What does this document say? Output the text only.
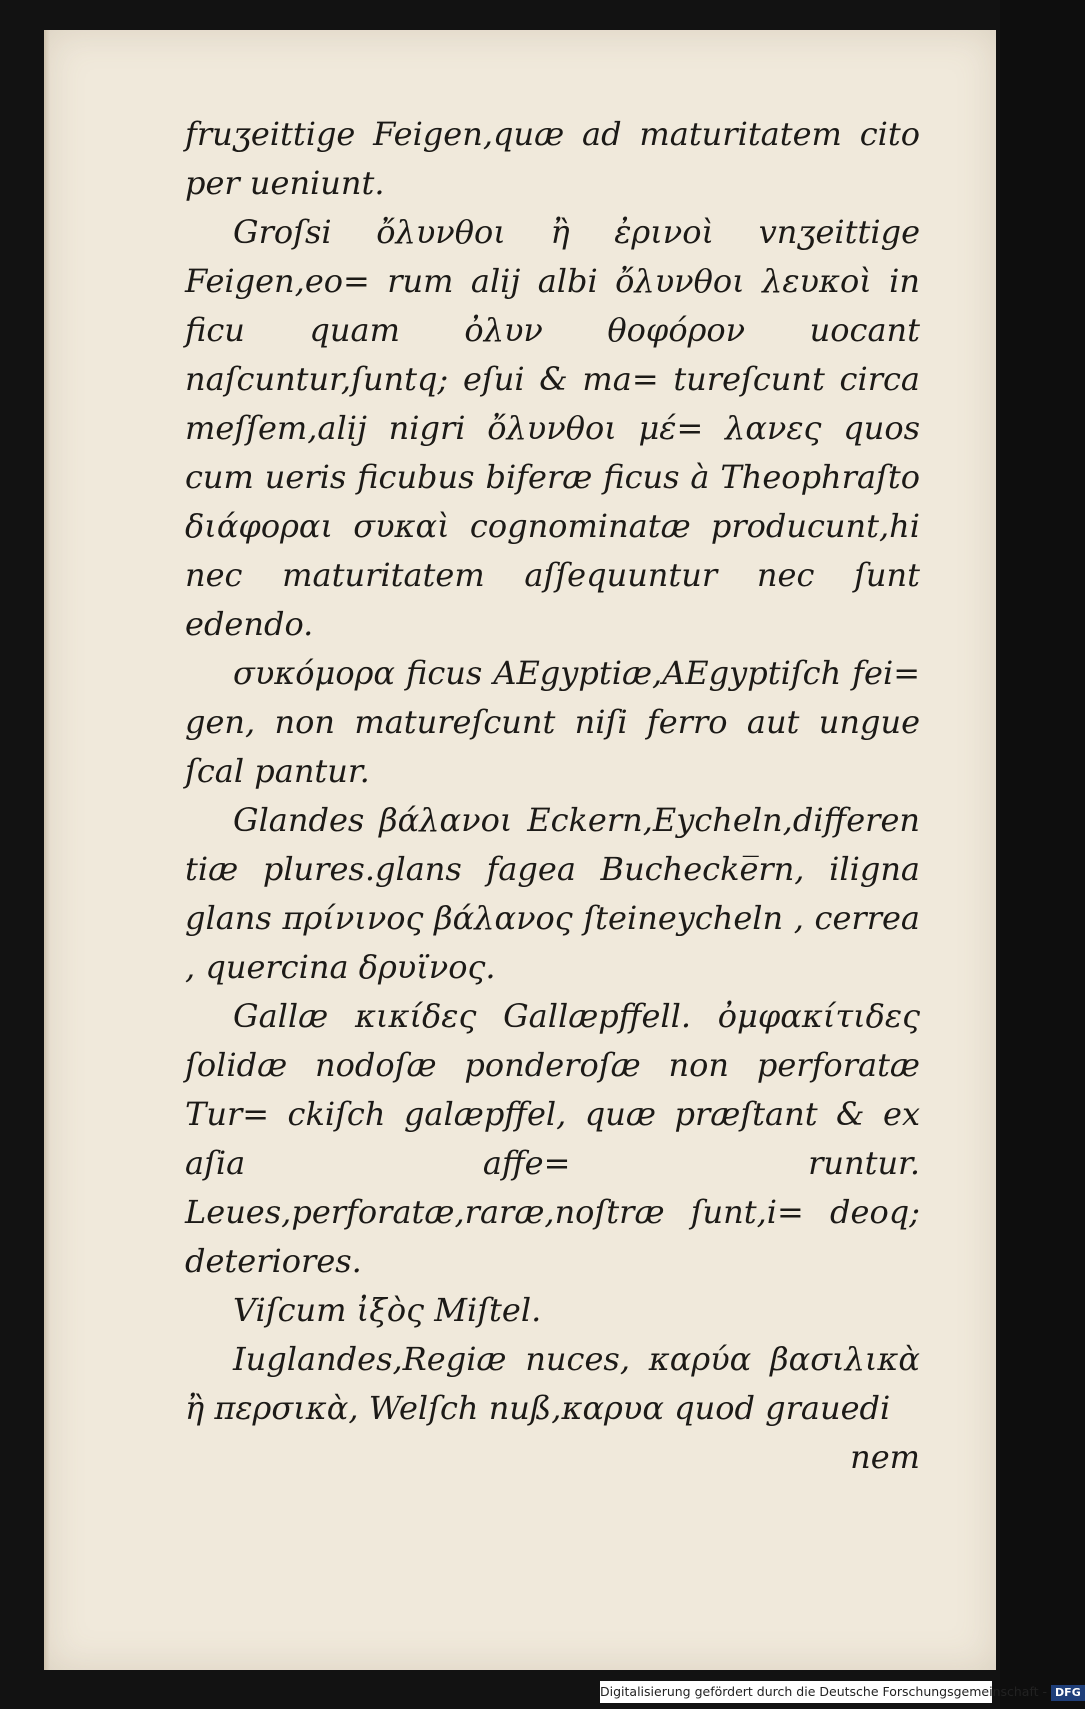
fruʒeittige Feigen,quæ ad maturitatem cito per ueniunt.

Groſsi ὄλυνθοι ἢ ἐρινοὶ vnʒeittige Feigen,eo= rum alij albi ὄλυνθοι λευκοὶ in ficu quam ὀλυν θοφόρον uocant naſcuntur,ſuntq; eſui & ma= tureſcunt circa meſſem,alij nigri ὄλυνθοι μέ= λανες quos cum ueris ficubus biferæ ficus à Theophraſto διάφοραι συκαὶ cognominatæ producunt,hi nec maturitatem aſſequuntur nec ſunt edendo.

συκόμορα ficus AEgyptiæ,AEgyptiſch fei= gen, non matureſcunt niſi ferro aut ungue ſcal pantur.

Glandes βάλανοι Eckern,Eycheln,differen tiæ plures.glans fagea Buchecke̅rn, iligna glans πρίνινος βάλανος ſteineycheln , cerrea , quercina δρυϊνος.

Gallæ κικίδες Gallæpffell. ὀμφακίτιδες ſolidæ nodoſæ ponderoſæ non perforatæ Tur= ckiſch galæpffel, quæ præſtant & ex aſia affe= runtur. Leues,perforatæ,raræ,noſtræ ſunt,i= deoq; deteriores.

Viſcum ἰξὸς Miſtel.

Iuglandes,Regiæ nuces, καρύα βασιλικὰ ἢ περσικὰ, Welſch nuß,καρυα quod grauedi

nem

Digitalisierung gefördert durch die Deutsche Forschungsgemeinschaft - DFG
